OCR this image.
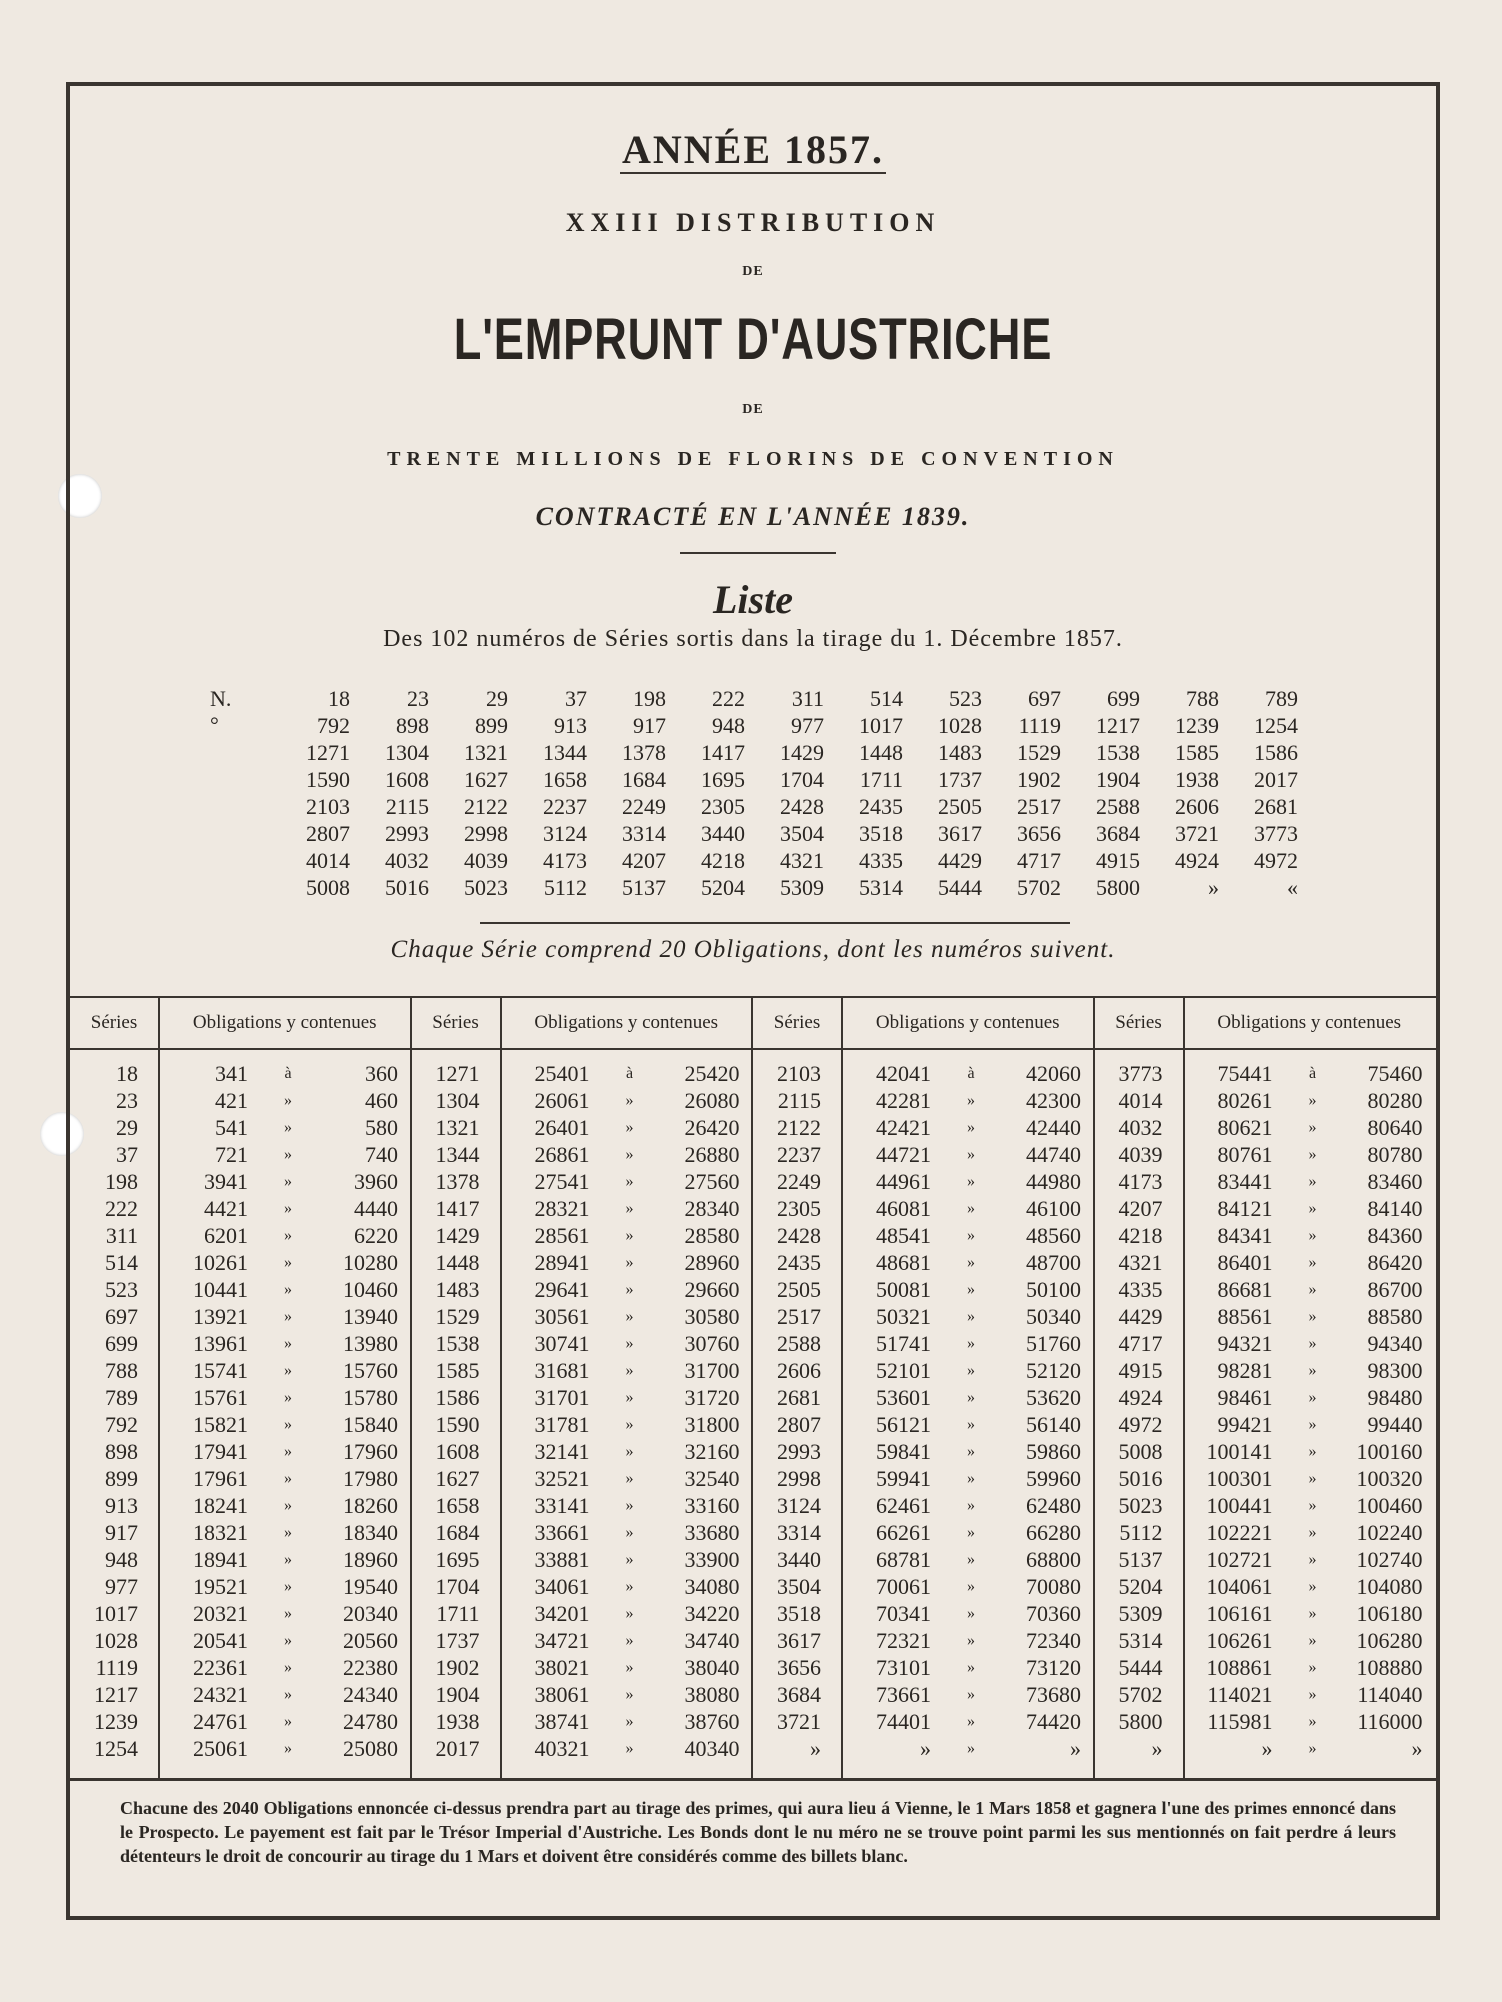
ANNÉE 1857.
XXIII DISTRIBUTION
DE
L'EMPRUNT D'AUSTRICHE
DE
TRENTE MILLIONS DE FLORINS DE CONVENTION
CONTRACTÉ EN L'ANNÉE 1839.
Liste
Des 102 numéros de Séries sortis dans la tirage du 1. Décembre 1857.
N.°
18	23	29	37	198	222	311	514	523	697	699	788	789
792	898	899	913	917	948	977	1017	1028	1119	1217	1239	1254
1271	1304	1321	1344	1378	1417	1429	1448	1483	1529	1538	1585	1586
1590	1608	1627	1658	1684	1695	1704	1711	1737	1902	1904	1938	2017
2103	2115	2122	2237	2249	2305	2428	2435	2505	2517	2588	2606	2681
2807	2993	2998	3124	3314	3440	3504	3518	3617	3656	3684	3721	3773
4014	4032	4039	4173	4207	4218	4321	4335	4429	4717	4915	4924	4972
5008	5016	5023	5112	5137	5204	5309	5314	5444	5702	5800	»	«
Chaque Série comprend 20 Obligations, dont les numéros suivent.
Séries	Obligations y contenues
18	341	à	360
23	421	»	460
29	541	»	580
37	721	»	740
198	3941	»	3960
222	4421	»	4440
311	6201	»	6220
514	10261	»	10280
523	10441	»	10460
697	13921	»	13940
699	13961	»	13980
788	15741	»	15760
789	15761	»	15780
792	15821	»	15840
898	17941	»	17960
899	17961	»	17980
913	18241	»	18260
917	18321	»	18340
948	18941	»	18960
977	19521	»	19540
1017	20321	»	20340
1028	20541	»	20560
1119	22361	»	22380
1217	24321	»	24340
1239	24761	»	24780
1254	25061	»	25080
Séries	Obligations y contenues
1271	25401	à	25420
1304	26061	»	26080
1321	26401	»	26420
1344	26861	»	26880
1378	27541	»	27560
1417	28321	»	28340
1429	28561	»	28580
1448	28941	»	28960
1483	29641	»	29660
1529	30561	»	30580
1538	30741	»	30760
1585	31681	»	31700
1586	31701	»	31720
1590	31781	»	31800
1608	32141	»	32160
1627	32521	»	32540
1658	33141	»	33160
1684	33661	»	33680
1695	33881	»	33900
1704	34061	»	34080
1711	34201	»	34220
1737	34721	»	34740
1902	38021	»	38040
1904	38061	»	38080
1938	38741	»	38760
2017	40321	»	40340
Séries	Obligations y contenues
2103	42041	à	42060
2115	42281	»	42300
2122	42421	»	42440
2237	44721	»	44740
2249	44961	»	44980
2305	46081	»	46100
2428	48541	»	48560
2435	48681	»	48700
2505	50081	»	50100
2517	50321	»	50340
2588	51741	»	51760
2606	52101	»	52120
2681	53601	»	53620
2807	56121	»	56140
2993	59841	»	59860
2998	59941	»	59960
3124	62461	»	62480
3314	66261	»	66280
3440	68781	»	68800
3504	70061	»	70080
3518	70341	»	70360
3617	72321	»	72340
3656	73101	»	73120
3684	73661	»	73680
3721	74401	»	74420
»	»	»	»
Séries	Obligations y contenues
3773	75441	à	75460
4014	80261	»	80280
4032	80621	»	80640
4039	80761	»	80780
4173	83441	»	83460
4207	84121	»	84140
4218	84341	»	84360
4321	86401	»	86420
4335	86681	»	86700
4429	88561	»	88580
4717	94321	»	94340
4915	98281	»	98300
4924	98461	»	98480
4972	99421	»	99440
5008	100141	»	100160
5016	100301	»	100320
5023	100441	»	100460
5112	102221	»	102240
5137	102721	»	102740
5204	104061	»	104080
5309	106161	»	106180
5314	106261	»	106280
5444	108861	»	108880
5702	114021	»	114040
5800	115981	»	116000
»	»	»	»
Chacune des 2040 Obligations ennoncée ci-dessus prendra part au tirage des primes, qui aura lieu á Vienne, le 1 Mars 1858 et gagnera l'une des primes ennoncé dans le Prospecto. Le payement est fait par le Trésor Imperial d'Austriche. Les Bonds dont le nu méro ne se trouve point parmi les sus mentionnés on fait perdre á leurs détenteurs le droit de concourir au tirage du 1 Mars et doivent être considérés comme des billets blanc.
